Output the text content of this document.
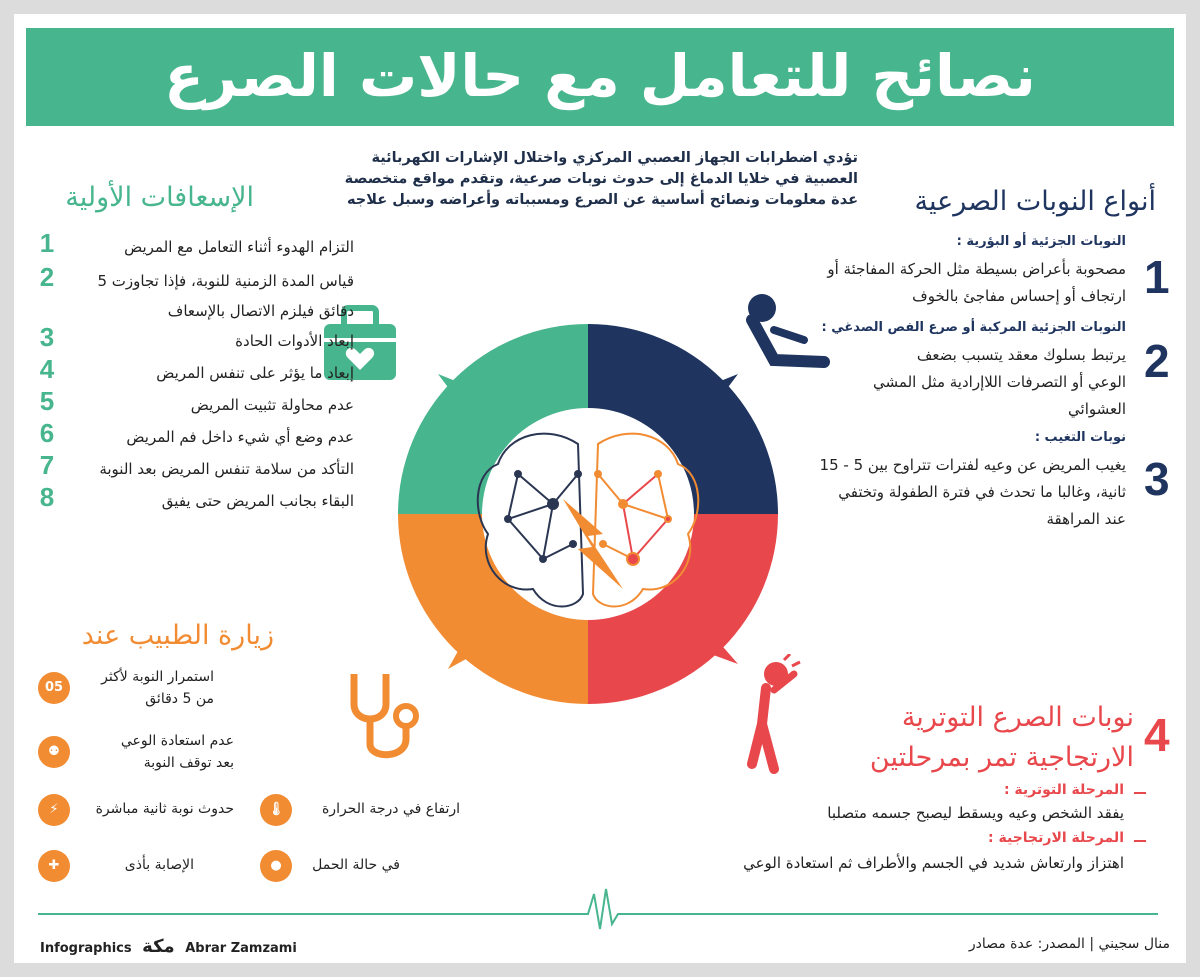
نصائح للتعامل مع حالات الصرع
تؤدي اضطرابات الجهاز العصبي المركزي واختلال الإشارات الكهربائية العصبية في خلايا الدماغ إلى حدوث نوبات صرعية، وتقدم مواقع متخصصة عدة معلومات ونصائح أساسية عن الصرع ومسبباته وأعراضه وسبل علاجه
الإسعافات الأولية
1	التزام الهدوء أثناء التعامل مع المريض
2	قياس المدة الزمنية للنوبة، فإذا تجاوزت 5
دقائق فيلزم الاتصال بالإسعاف
3	إبعاد الأدوات الحادة
4	إبعاد ما يؤثر على تنفس المريض
5	عدم محاولة تثبيت المريض
6	عدم وضع أي شيء داخل فم المريض
7	التأكد من سلامة تنفس المريض بعد النوبة
8	البقاء بجانب المريض حتى يفيق
أنواع النوبات الصرعية
1
النوبات الجزئية أو البؤرية :
مصحوبة بأعراض بسيطة مثل الحركة المفاجئة أو
ارتجاف أو إحساس مفاجئ بالخوف
2
النوبات الجزئية المركبة أو صرع الفص الصدغي :
يرتبط بسلوك معقد يتسبب بضعف
الوعي أو التصرفات اللاإرادية مثل المشي
العشوائي
3
نوبات التغيب :
يغيب المريض عن وعيه لفترات تتراوح بين 5 - 15
ثانية، وغالبا ما تحدث في فترة الطفولة وتختفي
عند المراهقة
4
نوبات الصرع التوترية
الارتجاجية تمر بمرحلتين
المرحلة التوترية :
يفقد الشخص وعيه ويسقط ليصبح جسمه متصلبا
المرحلة الارتجاجية :
اهتزاز وارتعاش شديد في الجسم والأطراف ثم استعادة الوعي
زيارة الطبيب عند
05
استمرار النوبة لأكثر
من 5 دقائق
⚉
عدم استعادة الوعي
بعد توقف النوبة
⚡	حدوث نوبة ثانية مباشرة
✚	الإصابة بأذى
🌡	ارتفاع في درجة الحرارة
●	في حالة الحمل
Infographics مكة Abrar Zamzami	منال سجيني | المصدر: عدة مصادر
